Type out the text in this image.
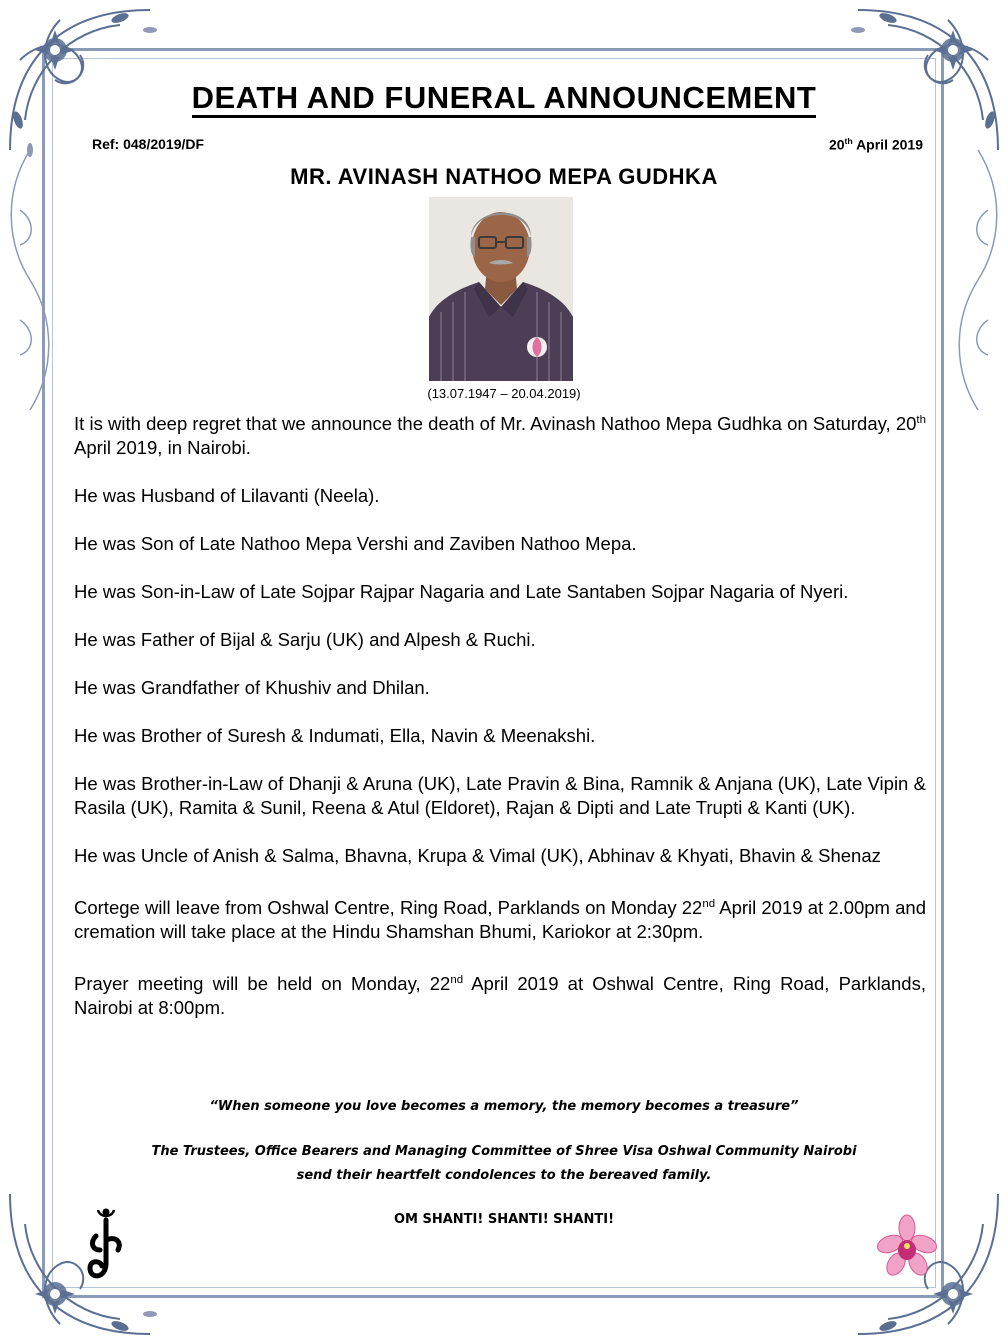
DEATH AND FUNERAL ANNOUNCEMENT
Ref: 048/2019/DF	20th April 2019
MR. AVINASH NATHOO MEPA GUDHKA
(13.07.1947 – 20.04.2019)

It is with deep regret that we announce the death of Mr. Avinash Nathoo Mepa Gudhka on Saturday, 20th April 2019, in Nairobi.

He was Husband of Lilavanti (Neela).

He was Son of Late Nathoo Mepa Vershi and Zaviben Nathoo Mepa.

He was Son-in-Law of Late Sojpar Rajpar Nagaria and Late Santaben Sojpar Nagaria of Nyeri.

He was Father of Bijal & Sarju (UK) and Alpesh & Ruchi.

He was Grandfather of Khushiv and Dhilan.

He was Brother of Suresh & Indumati, Ella, Navin & Meenakshi.

He was Brother-in-Law of Dhanji & Aruna (UK), Late Pravin & Bina, Ramnik & Anjana (UK), Late Vipin & Rasila (UK), Ramita & Sunil, Reena & Atul (Eldoret), Rajan & Dipti and Late Trupti & Kanti (UK).

He was Uncle of Anish & Salma, Bhavna, Krupa & Vimal (UK), Abhinav & Khyati, Bhavin & Shenaz

Cortege will leave from Oshwal Centre, Ring Road, Parklands on Monday 22nd April 2019 at 2.00pm and cremation will take place at the Hindu Shamshan Bhumi, Kariokor at 2:30pm.

Prayer meeting will be held on Monday, 22nd April 2019 at Oshwal Centre, Ring Road, Parklands, Nairobi at 8:00pm.

“When someone you love becomes a memory, the memory becomes a treasure”
The Trustees, Office Bearers and Managing Committee of Shree Visa Oshwal Community Nairobi
send their heartfelt condolences to the bereaved family.
OM SHANTI! SHANTI! SHANTI!
